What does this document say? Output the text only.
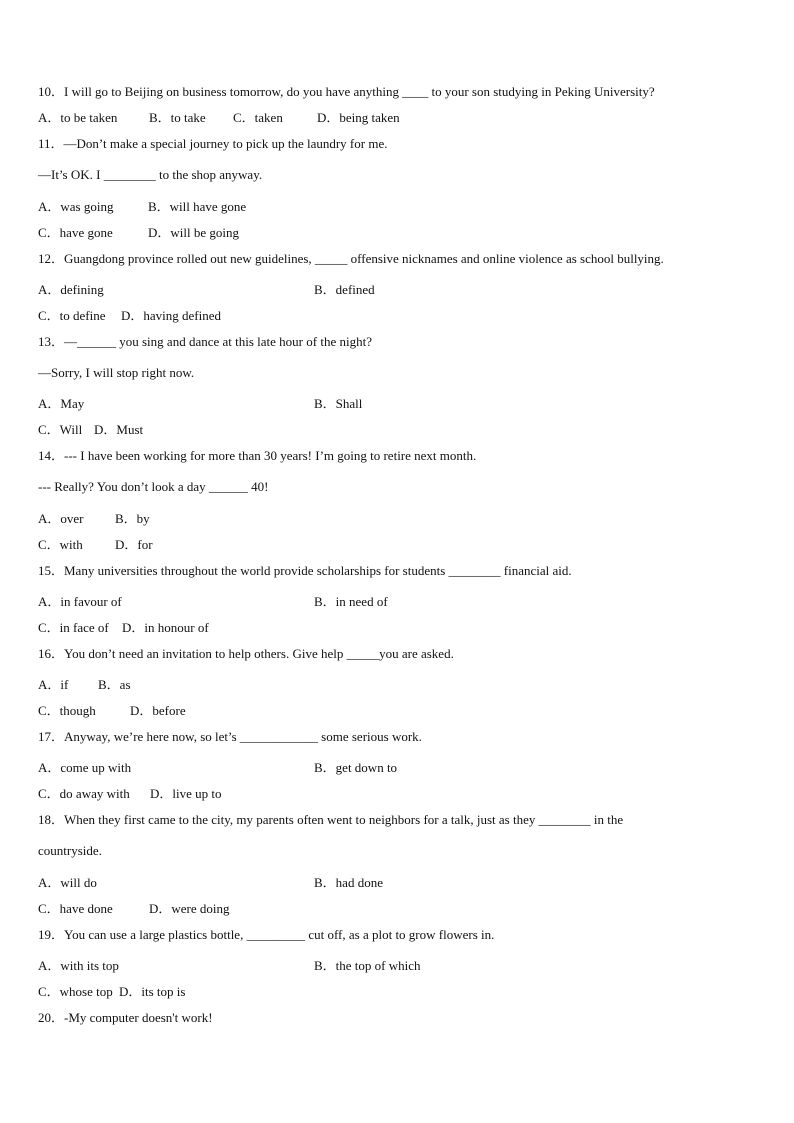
10．I will go to Beijing on business tomorrow, do you have anything ____ to your son studying in Peking University?
A．to be taken B．to take C．taken	D．being taken
11．—Don’t make a special journey to pick up the laundry for me.
—It’s OK. I ________ to the shop anyway.
A．was going	B．will have gone
C．have gone	D．will be going
12．Guangdong province rolled out new guidelines, _____ offensive nicknames and online violence as school bullying.
A．defining	B．defined
C．to define D．having defined
13．—______ you sing and dance at this late hour of the night?
—Sorry, I will stop right now.
A．May	B．Shall
C．Will D．Must
14．--- I have been working for more than 30 years! I’m going to retire next month.
--- Really? You don’t look a day ______ 40!
A．over B．by
C．with D．for
15．Many universities throughout the world provide scholarships for students ________ financial aid.
A．in favour of	B．in need of
C．in face of D．in honour of
16．You don’t need an invitation to help others. Give help _____you are asked.
A．if B．as
C．though	D．before
17．Anyway, we’re here now, so let’s ____________ some serious work.
A．come up with	B．get down to
C．do away with D．live up to
18．When they first came to the city, my parents often went to neighbors for a talk, just as they ________ in the
countryside.
A．will do	B．had done
C．have done	D．were doing
19．You can use a large plastics bottle, _________ cut off, as a plot to grow flowers in.
A．with its top	B．the top of which
C．whose top D．its top is
20．-My computer doesn't work!
